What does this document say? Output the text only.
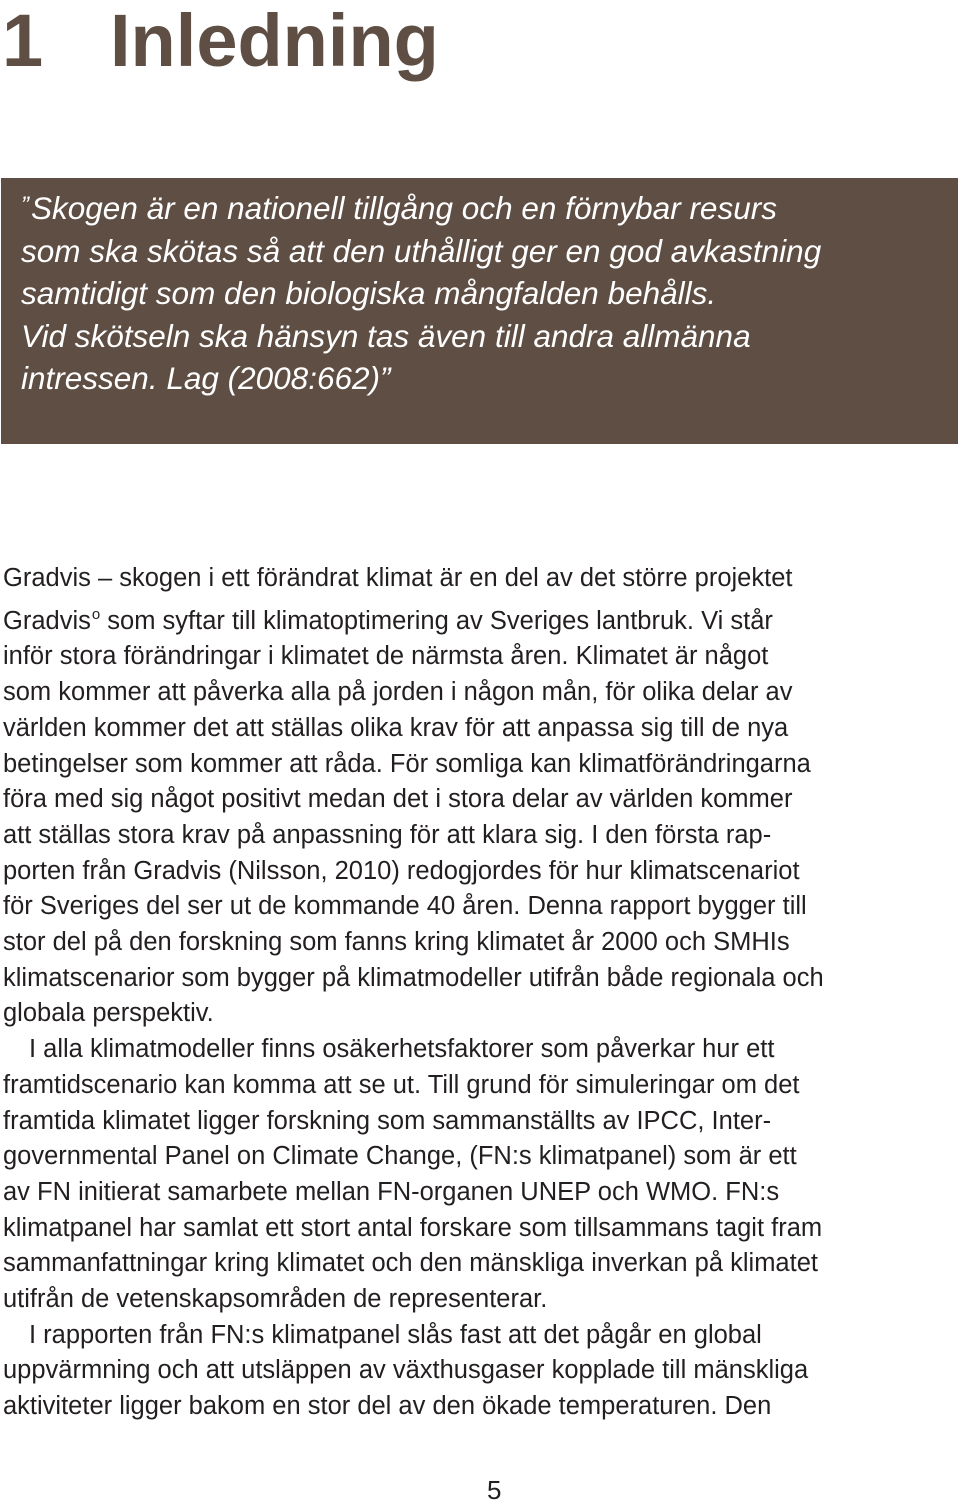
1 Inledning

”Skogen är en nationell tillgång och en förnybar resurs
som ska skötas så att den uthålligt ger en god avkastning
samtidigt som den biologiska mångfalden behålls.
Vid skötseln ska hänsyn tas även till andra allmänna
intressen. Lag (2008:662)”

Gradvis – skogen i ett förändrat klimat är en del av det större projektet
Gradvis$^o$ som syftar till klimatoptimering av Sveriges lantbruk. Vi står
inför stora förändringar i klimatet de närmsta åren. Klimatet är något
som kommer att påverka alla på jorden i någon mån, för olika delar av
världen kommer det att ställas olika krav för att anpassa sig till de nya
betingelser som kommer att råda. För somliga kan klimatförändringarna
föra med sig något positivt medan det i stora delar av världen kommer
att ställas stora krav på anpassning för att klara sig. I den första rap-
porten från Gradvis (Nilsson, 2010) redogjordes för hur klimatscenariot
för Sveriges del ser ut de kommande 40 åren. Denna rapport bygger till
stor del på den forskning som fanns kring klimatet år 2000 och SMHIs
klimatscenarior som bygger på klimatmodeller utifrån både regionala och
globala perspektiv.
I alla klimatmodeller finns osäkerhetsfaktorer som påverkar hur ett
framtidscenario kan komma att se ut. Till grund för simuleringar om det
framtida klimatet ligger forskning som sammanställts av IPCC, Inter-
governmental Panel on Climate Change, (FN:s klimatpanel) som är ett
av FN initierat samarbete mellan FN-organen UNEP och WMO. FN:s
klimatpanel har samlat ett stort antal forskare som tillsammans tagit fram
sammanfattningar kring klimatet och den mänskliga inverkan på klimatet
utifrån de vetenskapsområden de representerar.
I rapporten från FN:s klimatpanel slås fast att det pågår en global
uppvärmning och att utsläppen av växthusgaser kopplade till mänskliga
aktiviteter ligger bakom en stor del av den ökade temperaturen. Den
5
